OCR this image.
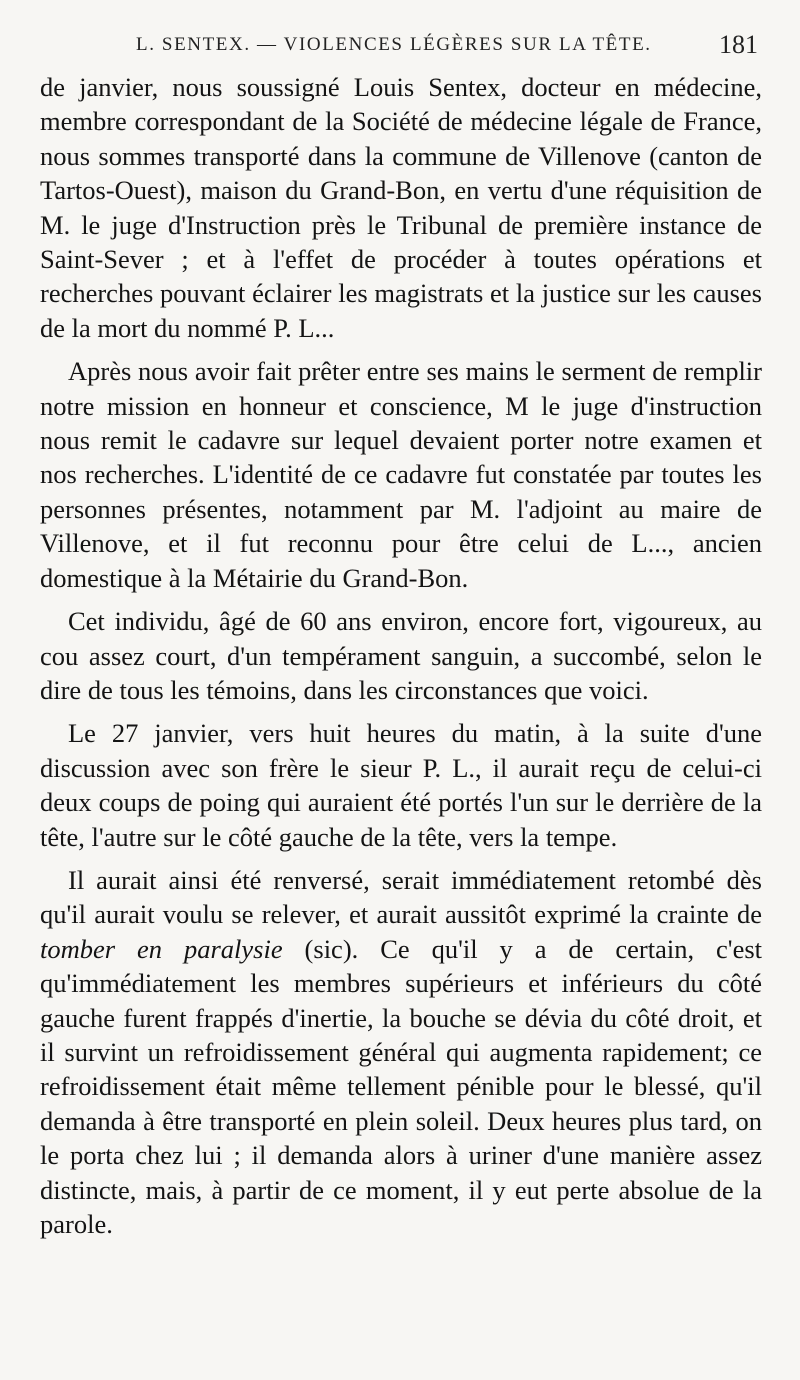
L. SENTEX. — VIOLENCES LÉGÈRES SUR LA TÊTE.	181

de janvier, nous soussigné Louis Sentex, docteur en médecine, membre correspondant de la Société de médecine légale de France, nous sommes transporté dans la commune de Villenove (canton de Tartos-Ouest), maison du Grand-Bon, en vertu d'une réquisition de M. le juge d'Instruction près le Tribunal de première instance de Saint-Sever ; et à l'effet de procéder à toutes opérations et recherches pouvant éclairer les magistrats et la justice sur les causes de la mort du nommé P. L...

Après nous avoir fait prêter entre ses mains le serment de remplir notre mission en honneur et conscience, M le juge d'instruction nous remit le cadavre sur lequel devaient porter notre examen et nos recherches. L'identité de ce cadavre fut constatée par toutes les personnes présentes, notamment par M. l'adjoint au maire de Villenove, et il fut reconnu pour être celui de L..., ancien domestique à la Métairie du Grand-Bon.

Cet individu, âgé de 60 ans environ, encore fort, vigoureux, au cou assez court, d'un tempérament sanguin, a succombé, selon le dire de tous les témoins, dans les circonstances que voici.

Le 27 janvier, vers huit heures du matin, à la suite d'une discussion avec son frère le sieur P. L., il aurait reçu de celui-ci deux coups de poing qui auraient été portés l'un sur le derrière de la tête, l'autre sur le côté gauche de la tête, vers la tempe.

Il aurait ainsi été renversé, serait immédiatement retombé dès qu'il aurait voulu se relever, et aurait aussitôt exprimé la crainte de tomber en paralysie (sic). Ce qu'il y a de certain, c'est qu'immédiatement les membres supérieurs et inférieurs du côté gauche furent frappés d'inertie, la bouche se dévia du côté droit, et il survint un refroidissement général qui augmenta rapidement; ce refroidissement était même tellement pénible pour le blessé, qu'il demanda à être transporté en plein soleil. Deux heures plus tard, on le porta chez lui ; il demanda alors à uriner d'une manière assez distincte, mais, à partir de ce moment, il y eut perte absolue de la parole.
